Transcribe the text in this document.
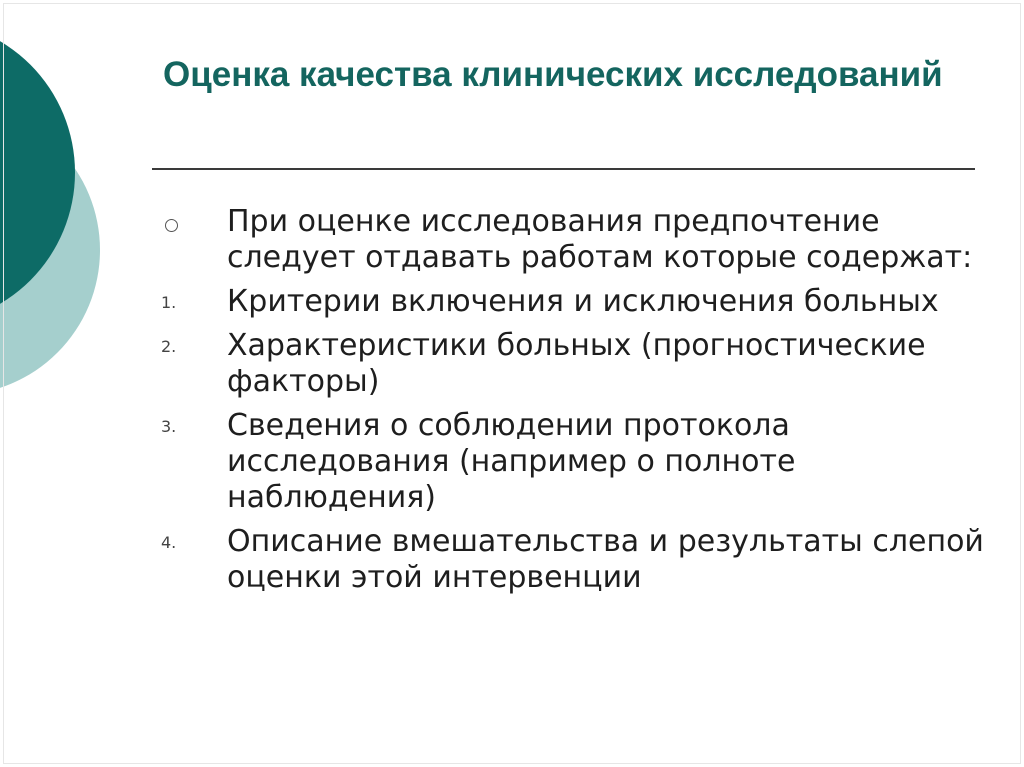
Оценка качества клинических исследований
При оценке исследования предпочтение следует отдавать работам которые содержат:
1. Критерии включения и исключения больных
2. Характеристики больных (прогностические факторы)
3. Сведения о соблюдении протокола исследования (например о полноте наблюдения)
4. Описание вмешательства и результаты слепой оценки этой интервенции
